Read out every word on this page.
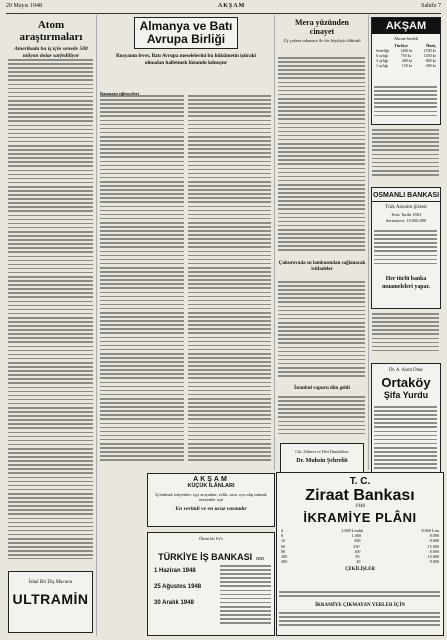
20 Mayıs 1948	AKŞAM	Sahife 7
Atom araştırmaları
Amerikada bu iş için senede 500 milyon dolar sarfediliyor
İshal Bir Diş Macunu
ULTRAMİN
Almanya ve Batı
Avrupa Birliği
Rusyanın fevet, Batı Avrupa meselelerini bu hükümetin iştiraki olmadan halletmek lüzumlu kılmıştır
Ramazan eğlenceleri
Mera yüzünden
cinayet
Üç çoban takansız ile bir köylüyü öldürdü
Çukurovada su lambasından sağlanacak istifadeler
İstanbul vapuru dün geldi
Cilt, Zührevi ve Deri Hastalıkları
Dr. Muhsin Şehreliö
AKŞAM
Abone bedeli
Türkiye	Hariç
Seneliği	1400 kr	2700 kr
6 aylığı	750 kr	1450 kr
3 aylığı	400 kr	800 kr
1 aylığı	150 kr	300 kr
OSMANLI BANKASI
Türk Anonim Şirketi
Tesis Tarihi 1863
Sermayesi: 10.000.000
Her türlü banka
muameleleri yapar.
Dr. A. Asım Onur
Ortaköy
Şifa Yurdu
AKŞAM
KÜÇÜK İLÂNLARI
İş bulmak isteyenler; işçi arayanlar, evlik, arsa, oyu alıp satmak isteyenler için
En verimli ve en ucuz vasıtadır
Ölmü bir Er'e
TÜRKİYE İŞ BANKASI nın
1 Haziran 1948
25 Ağustos 1948
30 Aralık 1948
T. C.
Ziraat Bankası
1948
İKRAMİYE PLÂNI
4	2.000 Liralık	8.000 Lira
8	1.000	8.000
16	500	8.000
60	250	15.000
80	100	8.000
200	50	10.000
400	20	8.000
ÇEKİLİŞLER
İKRAMİYE ÇIKMAYAN YERLER İÇİN
